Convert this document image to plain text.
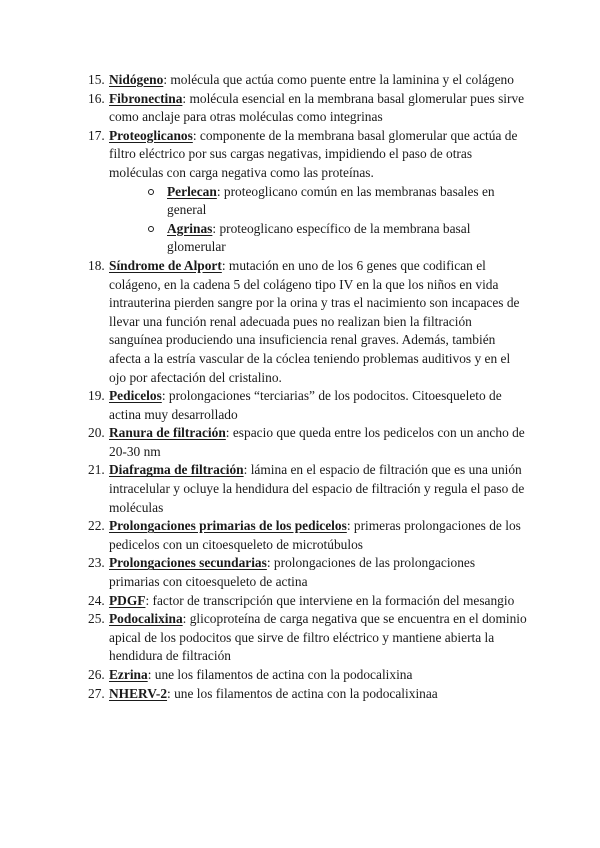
15. Nidógeno: molécula que actúa como puente entre la laminina y el colágeno
16. Fibronectina: molécula esencial en la membrana basal glomerular pues sirve como anclaje para otras moléculas como integrinas
17. Proteoglicanos: componente de la membrana basal glomerular que actúa de filtro eléctrico por sus cargas negativas, impidiendo el paso de otras moléculas con carga negativa como las proteínas.
Perlecan: proteoglicano común en las membranas basales en general
Agrinas: proteoglicano específico de la membrana basal glomerular
18. Síndrome de Alport: mutación en uno de los 6 genes que codifican el colágeno, en la cadena 5 del colágeno tipo IV en la que los niños en vida intrauterina pierden sangre por la orina y tras el nacimiento son incapaces de llevar una función renal adecuada pues no realizan bien la filtración sanguínea produciendo una insuficiencia renal graves. Además, también afecta a la estría vascular de la cóclea teniendo problemas auditivos y en el ojo por afectación del cristalino.
19. Pedicelos: prolongaciones “terciarias” de los podocitos. Citoesqueleto de actina muy desarrollado
20. Ranura de filtración: espacio que queda entre los pedicelos con un ancho de 20-30 nm
21. Diafragma de filtración: lámina en el espacio de filtración que es una unión intracelular y ocluye la hendidura del espacio de filtración y regula el paso de moléculas
22. Prolongaciones primarias de los pedicelos: primeras prolongaciones de los pedicelos con un citoesqueleto de microtúbulos
23. Prolongaciones secundarias: prolongaciones de las prolongaciones primarias con citoesqueleto de actina
24. PDGF: factor de transcripción que interviene en la formación del mesangio
25. Podocalixina: glicoproteína de carga negativa que se encuentra en el dominio apical de los podocitos que sirve de filtro eléctrico y mantiene abierta la hendidura de filtración
26. Ezrina: une los filamentos de actina con la podocalixina
27. NHERV-2: une los filamentos de actina con la podocalixinaa
